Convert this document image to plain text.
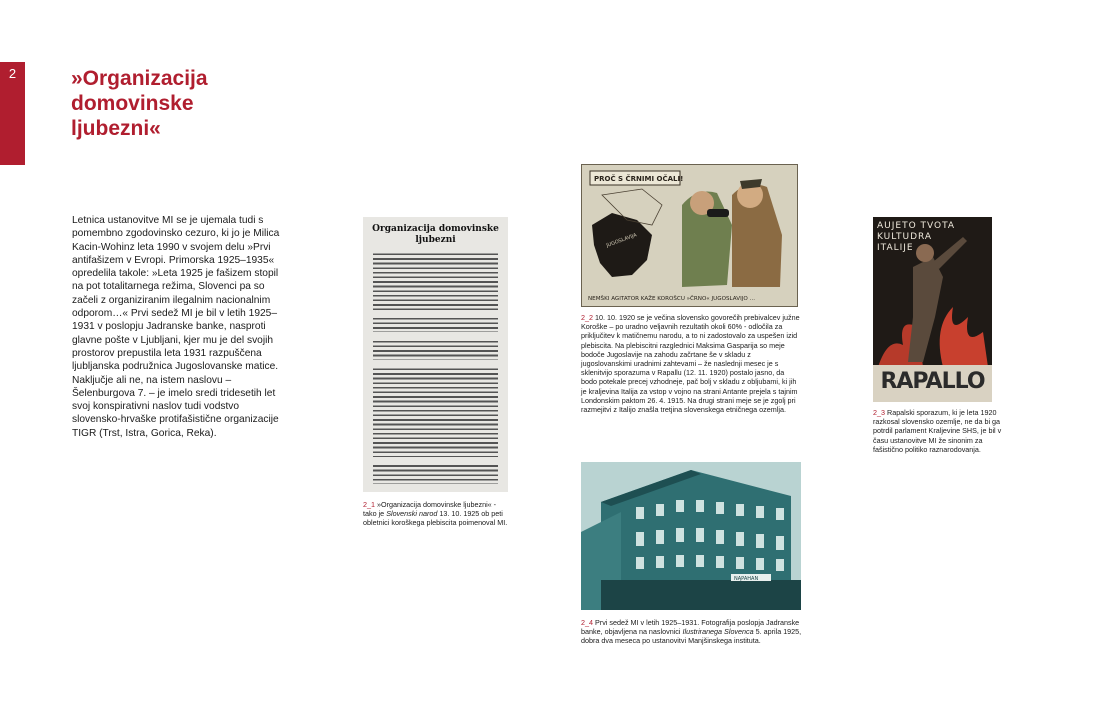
2	»Organizacija
domovinske
ljubezni«

Letnica ustanovitve MI se je ujemala tudi s pomembno zgodovinsko cezuro, ki jo je Milica Kacin-Wohinz leta 1990 v svojem delu »Prvi antifašizem v Evropi. Primorska 1925–1935« opredelila takole: »Leta 1925 je fašizem stopil na pot totalitarnega režima, Slovenci pa so začeli z organiziranim ilegalnim nacionalnim odporom…« Prvi sedež MI je bil v letih 1925–1931 v poslopju Jadranske banke, nasproti glavne pošte v Ljubljani, kjer mu je del svojih prostorov prepustila leta 1931 razpuščena ljubljanska podružnica Jugoslovanske matice. Naključje ali ne, na istem naslovu – Šelenburgova 7. – je imelo sredi tridesetih let svoj konspirativni naslov tudi vodstvo slovensko-hrvaške protifašistične organizacije TIGR (Trst, Istra, Gorica, Reka).

Organizacija domovinske
ljubezni

2_1 »Organizacija domovinske ljubezni« - tako je Slovenski narod 13. 10. 1925 ob peti obletnici koroškega plebiscita poimenoval MI.

PROČ S ČRNIMI OČALI!
JUGOSLAVIJA
NEMŠKI AGITATOR KAŽE KOROŠCU »ČRNO« JUGOSLAVIJO …

2_2 10. 10. 1920 se je večina slovensko govorečih prebivalcev južne Koroške – po uradno veljavnih rezultatih okoli 60% - odločila za priključitev k matičnemu narodu, a to ni zadostovalo za uspešen izid plebiscita. Na plebiscitni razglednici Maksima Gasparija so meje bodoče Jugoslavije na zahodu začrtane še v skladu z jugoslovanskimi uradnimi zahtevami – že naslednji mesec je s sklenitvijo sporazuma v Rapallu (12. 11. 1920) postalo jasno, da bodo potekale precej vzhodneje, pač bolj v skladu z obljubami, ki jih je kraljevina Italija za vstop v vojno na strani Antante prejela s tajnim Londonskim paktom 26. 4. 1915. Na drugi strani meje se je zgolj pri razmejitvi z Italijo znašla tretjina slovenskega etničnega ozemlja.

AUJETO TVOTA
KULTUDRA
ITALIJE
RAPALLO

2_3 Rapalski sporazum, ki je leta 1920 razkosal slovensko ozemlje, ne da bi ga potrdil parlament Kraljevine SHS, je bil v času ustanovitve MI že sinonim za fašistično politiko raznarodovanja.

NĄPAHAN

2_4 Prvi sedež MI v letih 1925–1931. Fotografija poslopja Jadranske banke, objavljena na naslovnici Ilustriranega Slovenca 5. aprila 1925, dobra dva meseca po ustanovitvi Manjšinskega instituta.
